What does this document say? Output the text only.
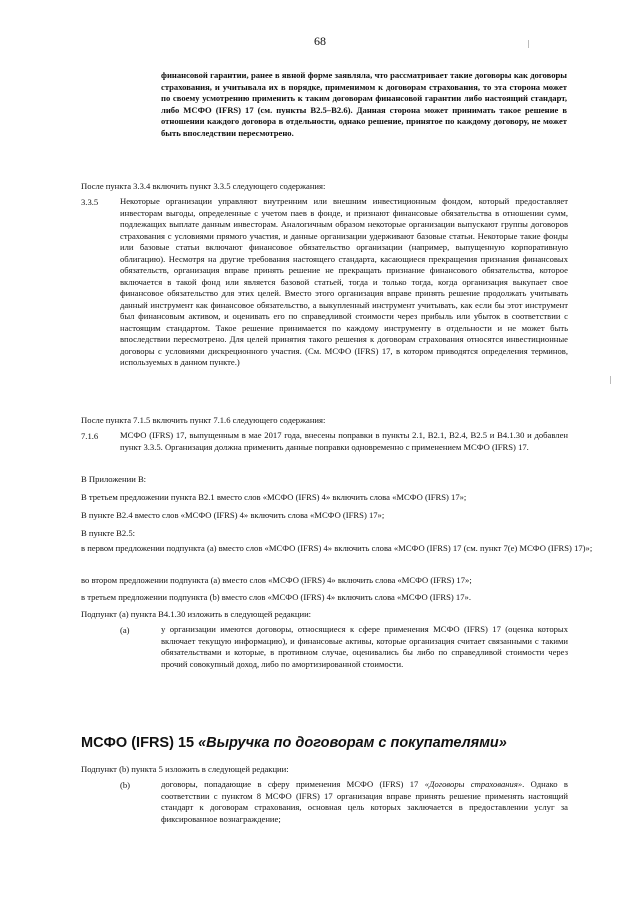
68
финансовой гарантии, ранее в явной форме заявляла, что рассматривает такие договоры как договоры страхования, и учитывала их в порядке, применимом к договорам страхования, то эта сторона может по своему усмотрению применить к таким договорам финансовой гарантии либо настоящий стандарт, либо МСФО (IFRS) 17 (см. пункты B2.5–B2.6). Данная сторона может принимать такое решение в отношении каждого договора в отдельности, однако решение, принятое по каждому договору, не может быть впоследствии пересмотрено.
После пункта 3.3.4 включить пункт 3.3.5 следующего содержания:
3.3.5	Некоторые организации управляют внутренним или внешним инвестиционным фондом, который предоставляет инвесторам выгоды, определенные с учетом паев в фонде, и признают финансовые обязательства в отношении сумм, подлежащих выплате данным инвесторам. Аналогичным образом некоторые организации выпускают группы договоров страхования с условиями прямого участия, и данные организации удерживают базовые статьи. Некоторые такие фонды или базовые статьи включают финансовое обязательство организации (например, выпущенную корпоративную облигацию). Несмотря на другие требования настоящего стандарта, касающиеся прекращения признания финансовых обязательств, организация вправе принять решение не прекращать признание финансового обязательства, которое включается в такой фонд или является базовой статьей, тогда и только тогда, когда организация выкупает свое финансовое обязательство для этих целей. Вместо этого организация вправе принять решение продолжать учитывать данный инструмент как финансовое обязательство, а выкупленный инструмент учитывать, как если бы этот инструмент был финансовым активом, и оценивать его по справедливой стоимости через прибыль или убыток в соответствии с настоящим стандартом. Такое решение принимается по каждому инструменту в отдельности и не может быть впоследствии пересмотрено. Для целей принятия такого решения к договорам страхования относятся инвестиционные договоры с условиями дискреционного участия. (См. МСФО (IFRS) 17, в котором приводятся определения терминов, используемых в данном пункте.)
После пункта 7.1.5 включить пункт 7.1.6 следующего содержания:
7.1.6	МСФО (IFRS) 17, выпущенным в мае 2017 года, внесены поправки в пункты 2.1, B2.1, B2.4, B2.5 и B4.1.30 и добавлен пункт 3.3.5. Организация должна применить данные поправки одновременно с применением МСФО (IFRS) 17.
В Приложении В:
В третьем предложении пункта B2.1 вместо слов «МСФО (IFRS) 4» включить слова «МСФО (IFRS) 17»;
В пункте B2.4 вместо слов «МСФО (IFRS) 4» включить слова «МСФО (IFRS) 17»;
В пункте B2.5:
в первом предложении подпункта (a) вместо слов «МСФО (IFRS) 4» включить слова «МСФО (IFRS) 17 (см. пункт 7(e) МСФО (IFRS) 17)»;
во втором предложении подпункта (a) вместо слов «МСФО (IFRS) 4» включить слова «МСФО (IFRS) 17»;
в третьем предложении подпункта (b) вместо слов «МСФО (IFRS) 4» включить слова «МСФО (IFRS) 17».
Подпункт (a) пункта B4.1.30 изложить в следующей редакции:
(a)	у организации имеются договоры, относящиеся к сфере применения МСФО (IFRS) 17 (оценка которых включает текущую информацию), и финансовые активы, которые организация считает связанными с такими обязательствами и которые, в противном случае, оценивались бы либо по справедливой стоимости через прочий совокупный доход, либо по амортизированной стоимости.
МСФО (IFRS) 15 «Выручка по договорам с покупателями»
Подпункт (b) пункта 5 изложить в следующей редакции:
(b)	договоры, попадающие в сферу применения МСФО (IFRS) 17 «Договоры страхования». Однако в соответствии с пунктом 8 МСФО (IFRS) 17 организация вправе принять решение применять настоящий стандарт к договорам страхования, основная цель которых заключается в предоставлении услуг за фиксированное вознаграждение;
